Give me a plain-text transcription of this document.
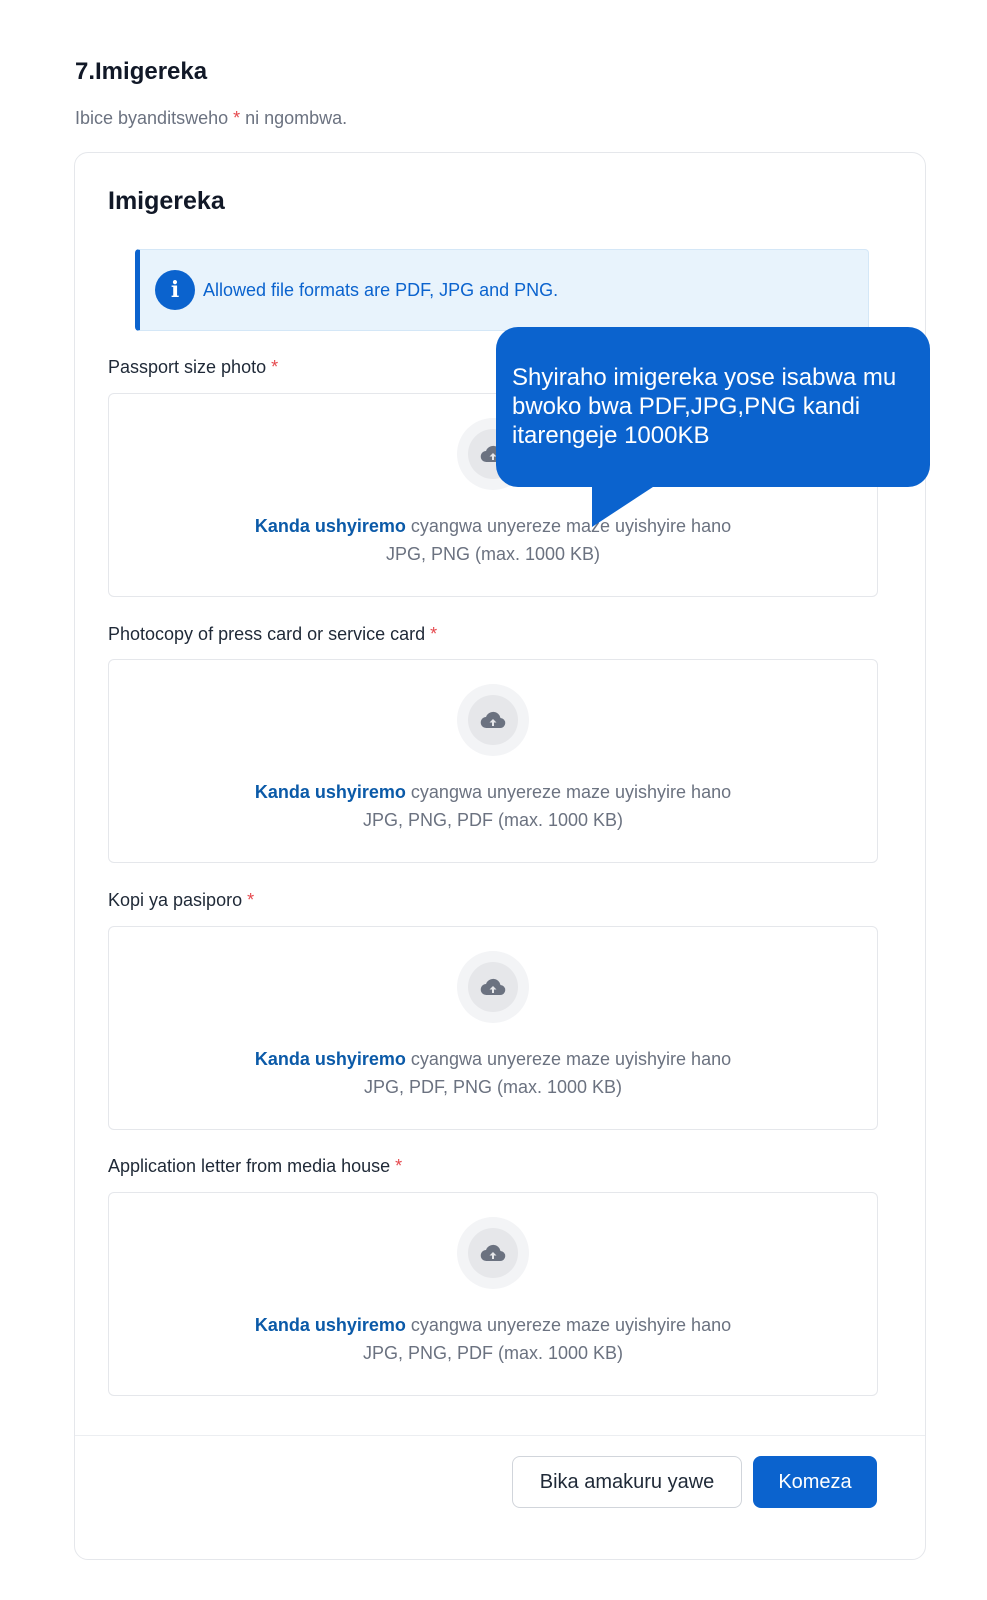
7.Imigereka
Ibice byanditsweho * ni ngombwa.
Imigereka
i	Allowed file formats are PDF, JPG and PNG.
Passport size photo *
Kanda ushyiremo cyangwa unyereze maze uyishyire hano
JPG, PNG (max. 1000 KB)
Photocopy of press card or service card *
Kanda ushyiremo cyangwa unyereze maze uyishyire hano
JPG, PNG, PDF (max. 1000 KB)
Kopi ya pasiporo *
Kanda ushyiremo cyangwa unyereze maze uyishyire hano
JPG, PDF, PNG (max. 1000 KB)
Application letter from media house *
Kanda ushyiremo cyangwa unyereze maze uyishyire hano
JPG, PNG, PDF (max. 1000 KB)
Bika amakuru yawe	Komeza
Shyiraho imigereka yose isabwa mu bwoko bwa PDF,JPG,PNG kandi itarengeje 1000KB
